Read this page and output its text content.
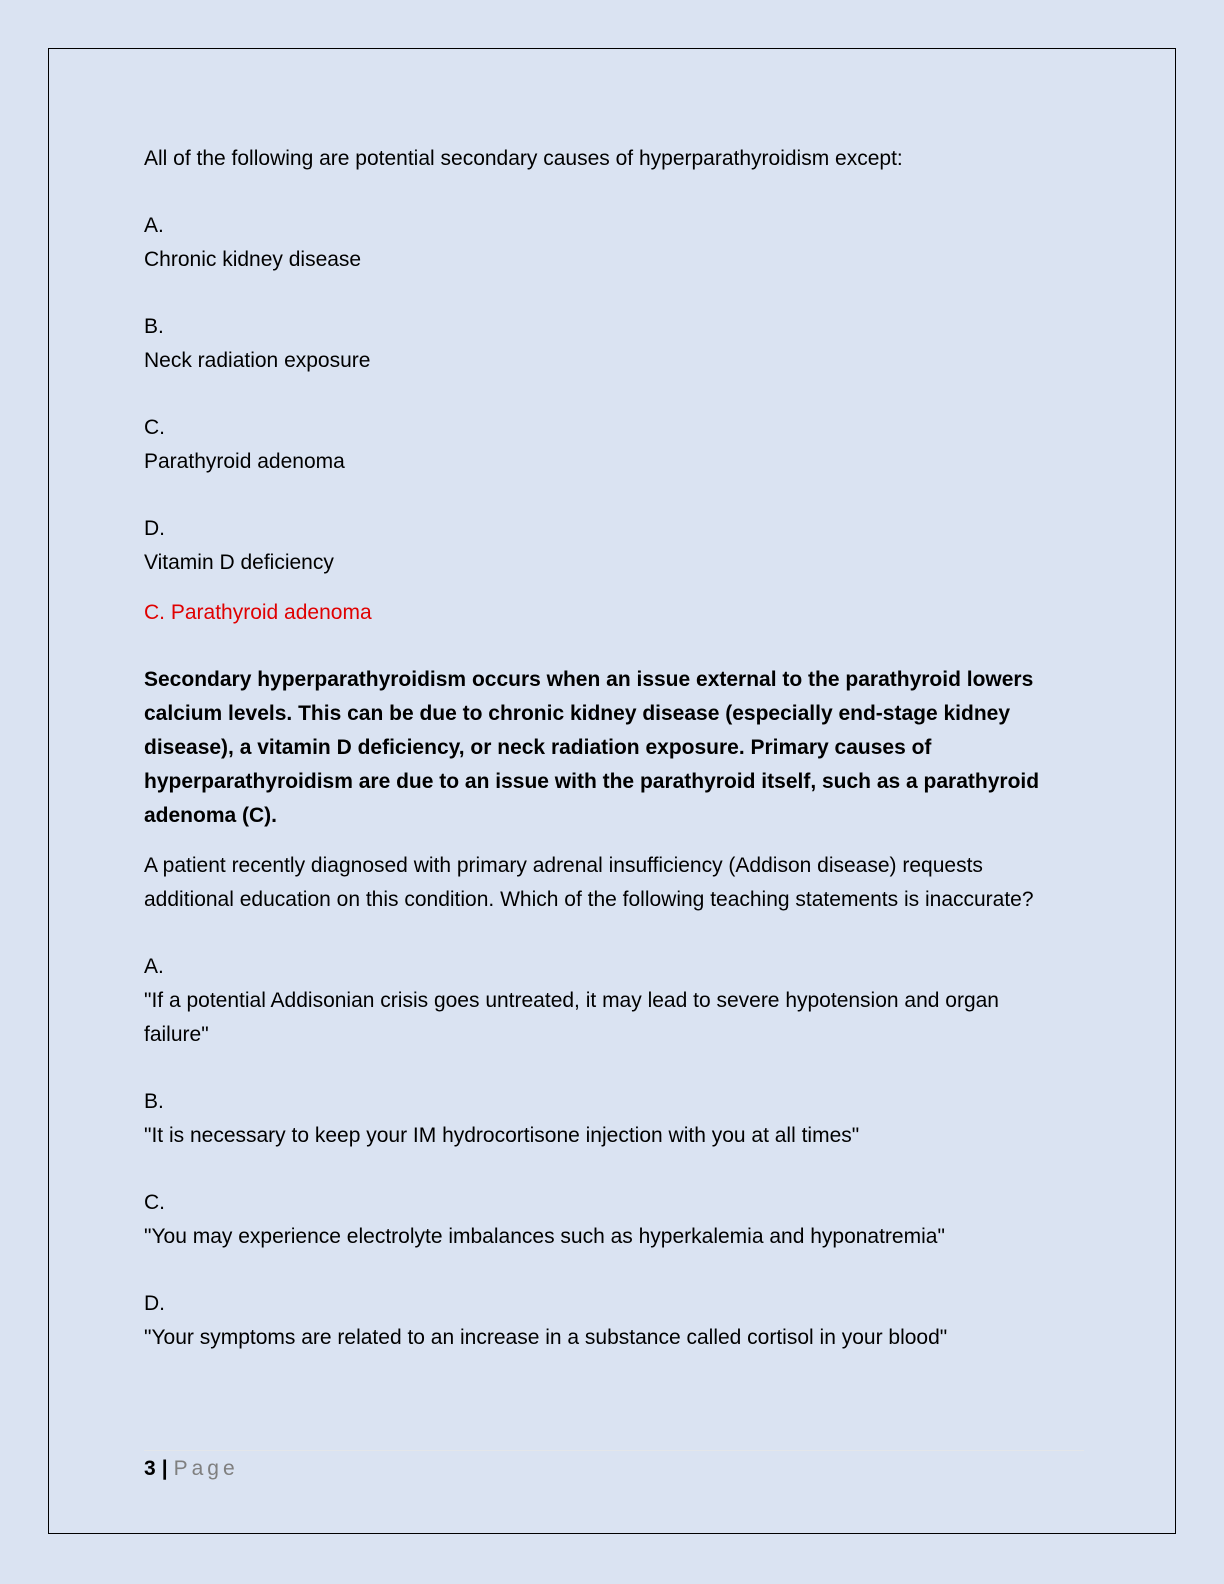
All of the following are potential secondary causes of hyperparathyroidism except:

A.

Chronic kidney disease

B.

Neck radiation exposure

C.

Parathyroid adenoma

D.

Vitamin D deficiency

C. Parathyroid adenoma

Secondary hyperparathyroidism occurs when an issue external to the parathyroid lowers calcium levels. This can be due to chronic kidney disease (especially end-stage kidney disease), a vitamin D deficiency, or neck radiation exposure. Primary causes of hyperparathyroidism are due to an issue with the parathyroid itself, such as a parathyroid adenoma (C).

A patient recently diagnosed with primary adrenal insufficiency (Addison disease) requests additional education on this condition. Which of the following teaching statements is inaccurate?

A.

"If a potential Addisonian crisis goes untreated, it may lead to severe hypotension and organ failure"

B.

"It is necessary to keep your IM hydrocortisone injection with you at all times"

C.

"You may experience electrolyte imbalances such as hyperkalemia and hyponatremia"

D.

"Your symptoms are related to an increase in a substance called cortisol in your blood"

3 | Page
